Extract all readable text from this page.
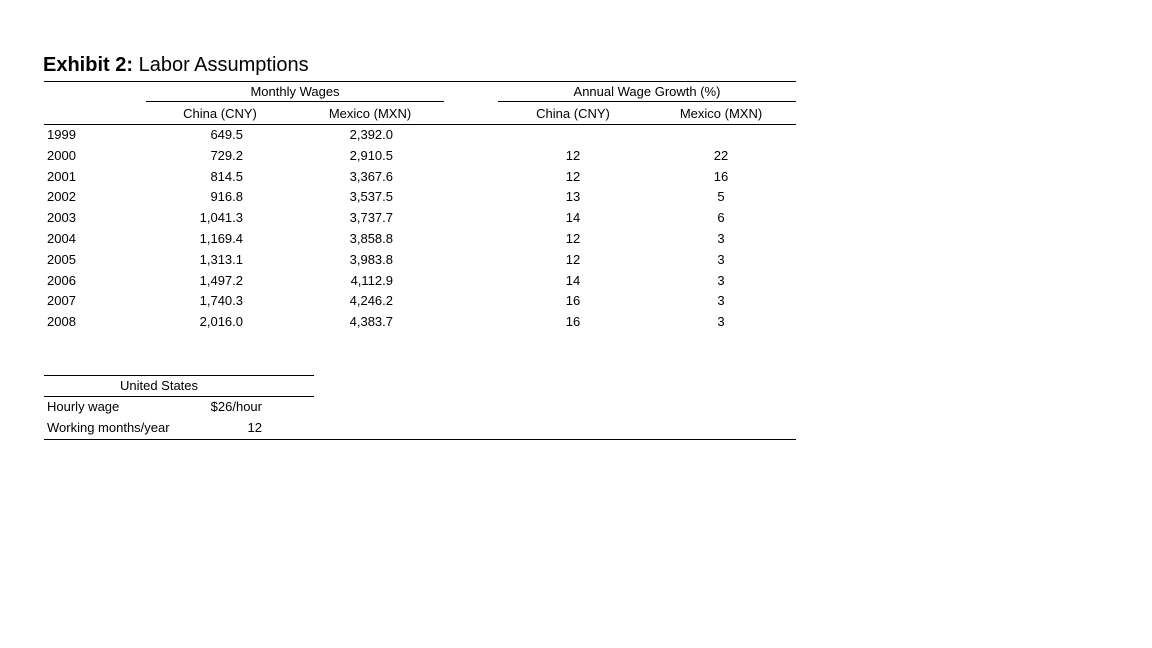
Exhibit 2: Labor Assumptions
Monthly Wages	Annual Wage Growth (%)
China (CNY)	Mexico (MXN)	China (CNY)	Mexico (MXN)
1999	649.5	2,392.0
2000	729.2	2,910.5	12	22
2001	814.5	3,367.6	12	16
2002	916.8	3,537.5	13	5
2003	1,041.3	3,737.7	14	6
2004	1,169.4	3,858.8	12	3
2005	1,313.1	3,983.8	12	3
2006	1,497.2	4,112.9	14	3
2007	1,740.3	4,246.2	16	3
2008	2,016.0	4,383.7	16	3
United States
Hourly wage	$26/hour
Working months/year	12
